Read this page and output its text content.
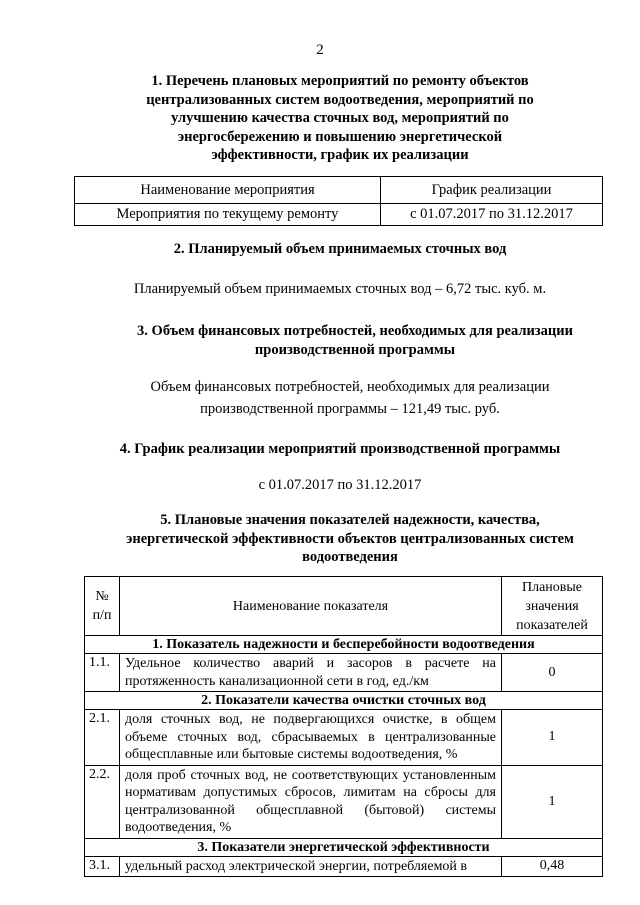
2
1. Перечень плановых мероприятий по ремонту объектов централизованных систем водоотведения, мероприятий по улучшению качества сточных вод, мероприятий по энергосбережению и повышению энергетической эффективности, график их реализации
Наименование мероприятия	График реализации
Мероприятия по текущему ремонту	с 01.07.2017 по 31.12.2017
2. Планируемый объем принимаемых сточных вод
Планируемый объем принимаемых сточных вод – 6,72 тыс. куб. м.
3. Объем финансовых потребностей, необходимых для реализации производственной программы
Объем финансовых потребностей, необходимых для реализации производственной программы – 121,49 тыс. руб.
4. График реализации мероприятий производственной программы
с 01.07.2017 по 31.12.2017
5. Плановые значения показателей надежности, качества, энергетической эффективности объектов централизованных систем водоотведения
№ п/п	Наименование показателя	Плановые значения показателей
1. Показатель надежности и бесперебойности водоотведения		
1.1.	Удельное количество аварий и засоров в расчете на протяженность канализационной сети в год, ед./км	0
2. Показатели качества очистки сточных вод		
2.1.	доля сточных вод, не подвергающихся очистке, в общем объеме сточных вод, сбрасываемых в централизованные общесплавные или бытовые системы водоотведения, %	1
2.2.	доля проб сточных вод, не соответствующих установленным нормативам допустимых сбросов, лимитам на сбросы для централизованной общесплавной (бытовой) системы водоотведения, %	1
3. Показатели энергетической эффективности		
3.1.	удельный расход электрической энергии, потребляемой в	0,48
